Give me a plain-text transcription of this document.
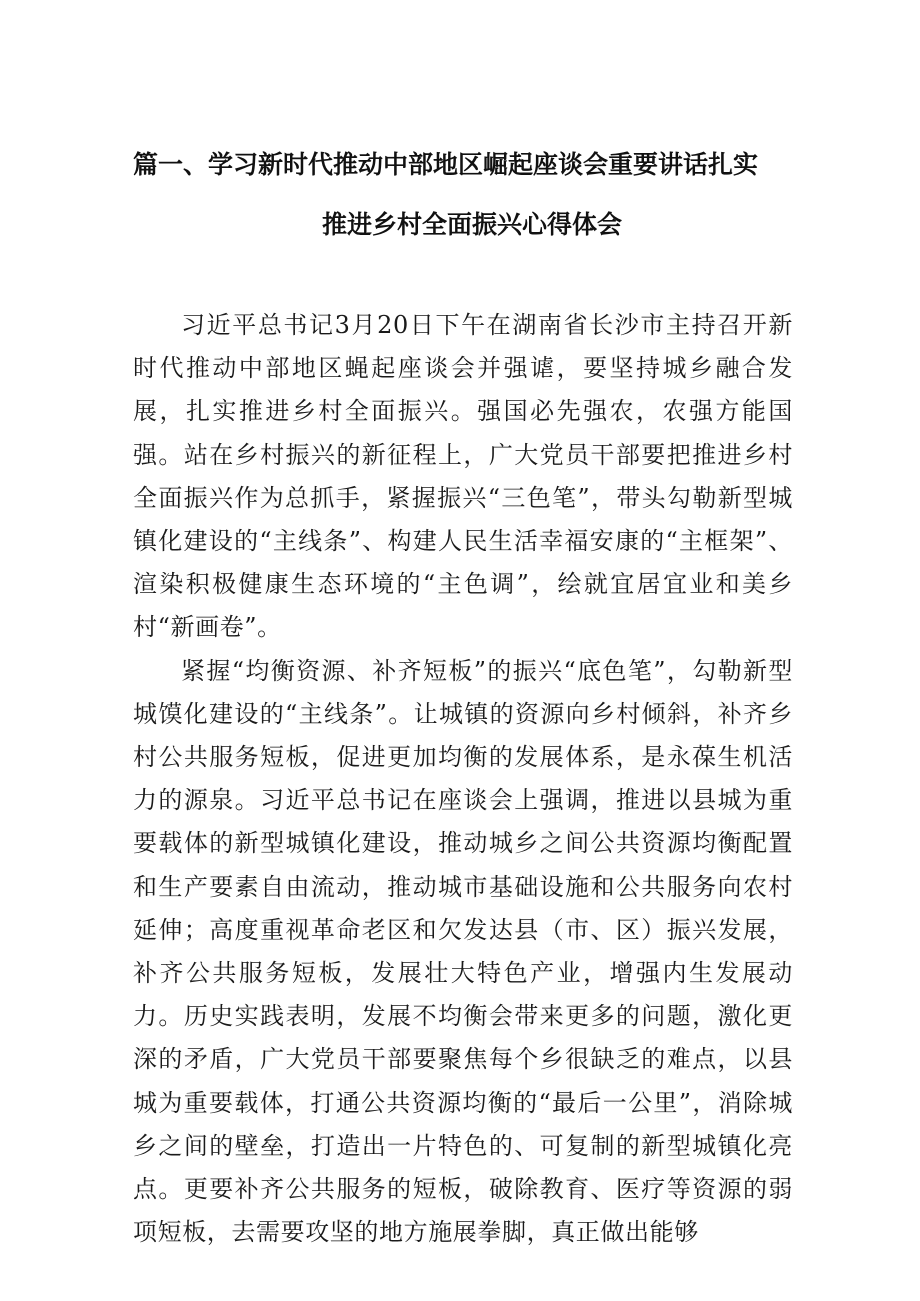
篇一、学习新时代推动中部地区崛起座谈会重要讲话扎实
推进乡村全面振兴心得体会

习近平总书记3月20日下午在湖南省长沙市主持召开新时代推动中部地区蝇起座谈会并强谑，要坚持城乡融合发展，扎实推进乡村全面振兴。强国必先强农，农强方能国强。站在乡村振兴的新征程上，广大党员干部要把推进乡村全面振兴作为总抓手，紧握振兴“三色笔”，带头勾勒新型城镇化建设的“主线条”、构建人民生活幸福安康的“主框架”、渲染积极健康生态环境的“主色调”，绘就宜居宜业和美乡村“新画卷”。

紧握“均衡资源、补齐短板”的振兴“底色笔”，勾勒新型城馍化建设的“主线条”。让城镇的资源向乡村倾斜，补齐乡村公共服务短板，促进更加均衡的发展体系，是永葆生机活力的源泉。习近平总书记在座谈会上强调，推进以县城为重要载体的新型城镇化建设，推动城乡之间公共资源均衡配置和生产要素自由流动，推动城市基础设施和公共服务向农村延伸；高度重视革命老区和欠发达县（市、区）振兴发展，补齐公共服务短板，发展壮大特色产业，增强内生发展动力。历史实践表明，发展不均衡会带来更多的问题，激化更深的矛盾，广大党员干部要聚焦每个乡很缺乏的难点，以县城为重要载体，打通公共资源均衡的“最后一公里”，消除城乡之间的壁垒，打造出一片特色的、可复制的新型城镇化亮点。更要补齐公共服务的短板，破除教育、医疗等资源的弱项短板，去需要攻坚的地方施展拳脚，真正做出能够
